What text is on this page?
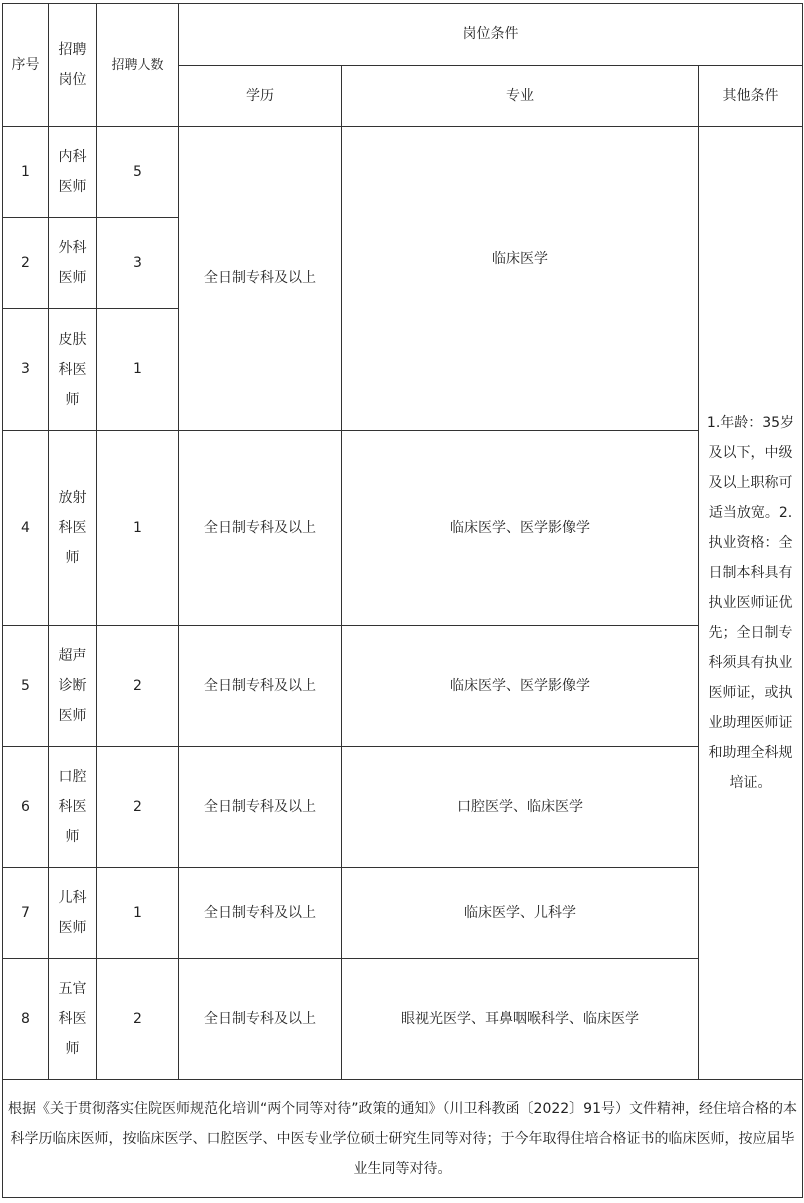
序号	招聘岗位	招聘人数	岗位条件		
			学历	专业	其他条件
1	内科医师	5	全日制专科及以上	临床医学	1.年龄：35岁及以下，中级及以上职称可适当放宽。2.执业资格：全日制本科具有执业医师证优先；全日制专科须具有执业医师证，或执业助理医师证和助理全科规培证。
2	外科医师	3			
3	皮肤科医师	1			
4	放射科医师	1	全日制专科及以上	临床医学、医学影像学	
5	超声诊断医师	2	全日制专科及以上	临床医学、医学影像学	
6	口腔科医师	2	全日制专科及以上	口腔医学、临床医学	
7	儿科医师	1	全日制专科及以上	临床医学、儿科学	
8	五官科医师	2	全日制专科及以上	眼视光医学、耳鼻咽喉科学、临床医学	
根据《关于贯彻落实住院医师规范化培训“两个同等对待”政策的通知》（川卫科教函〔2022〕91号）文件精神，经住培合格的本科学历临床医师，按临床医学、口腔医学、中医专业学位硕士研究生同等对待；于今年取得住培合格证书的临床医师，按应届毕业生同等对待。					
